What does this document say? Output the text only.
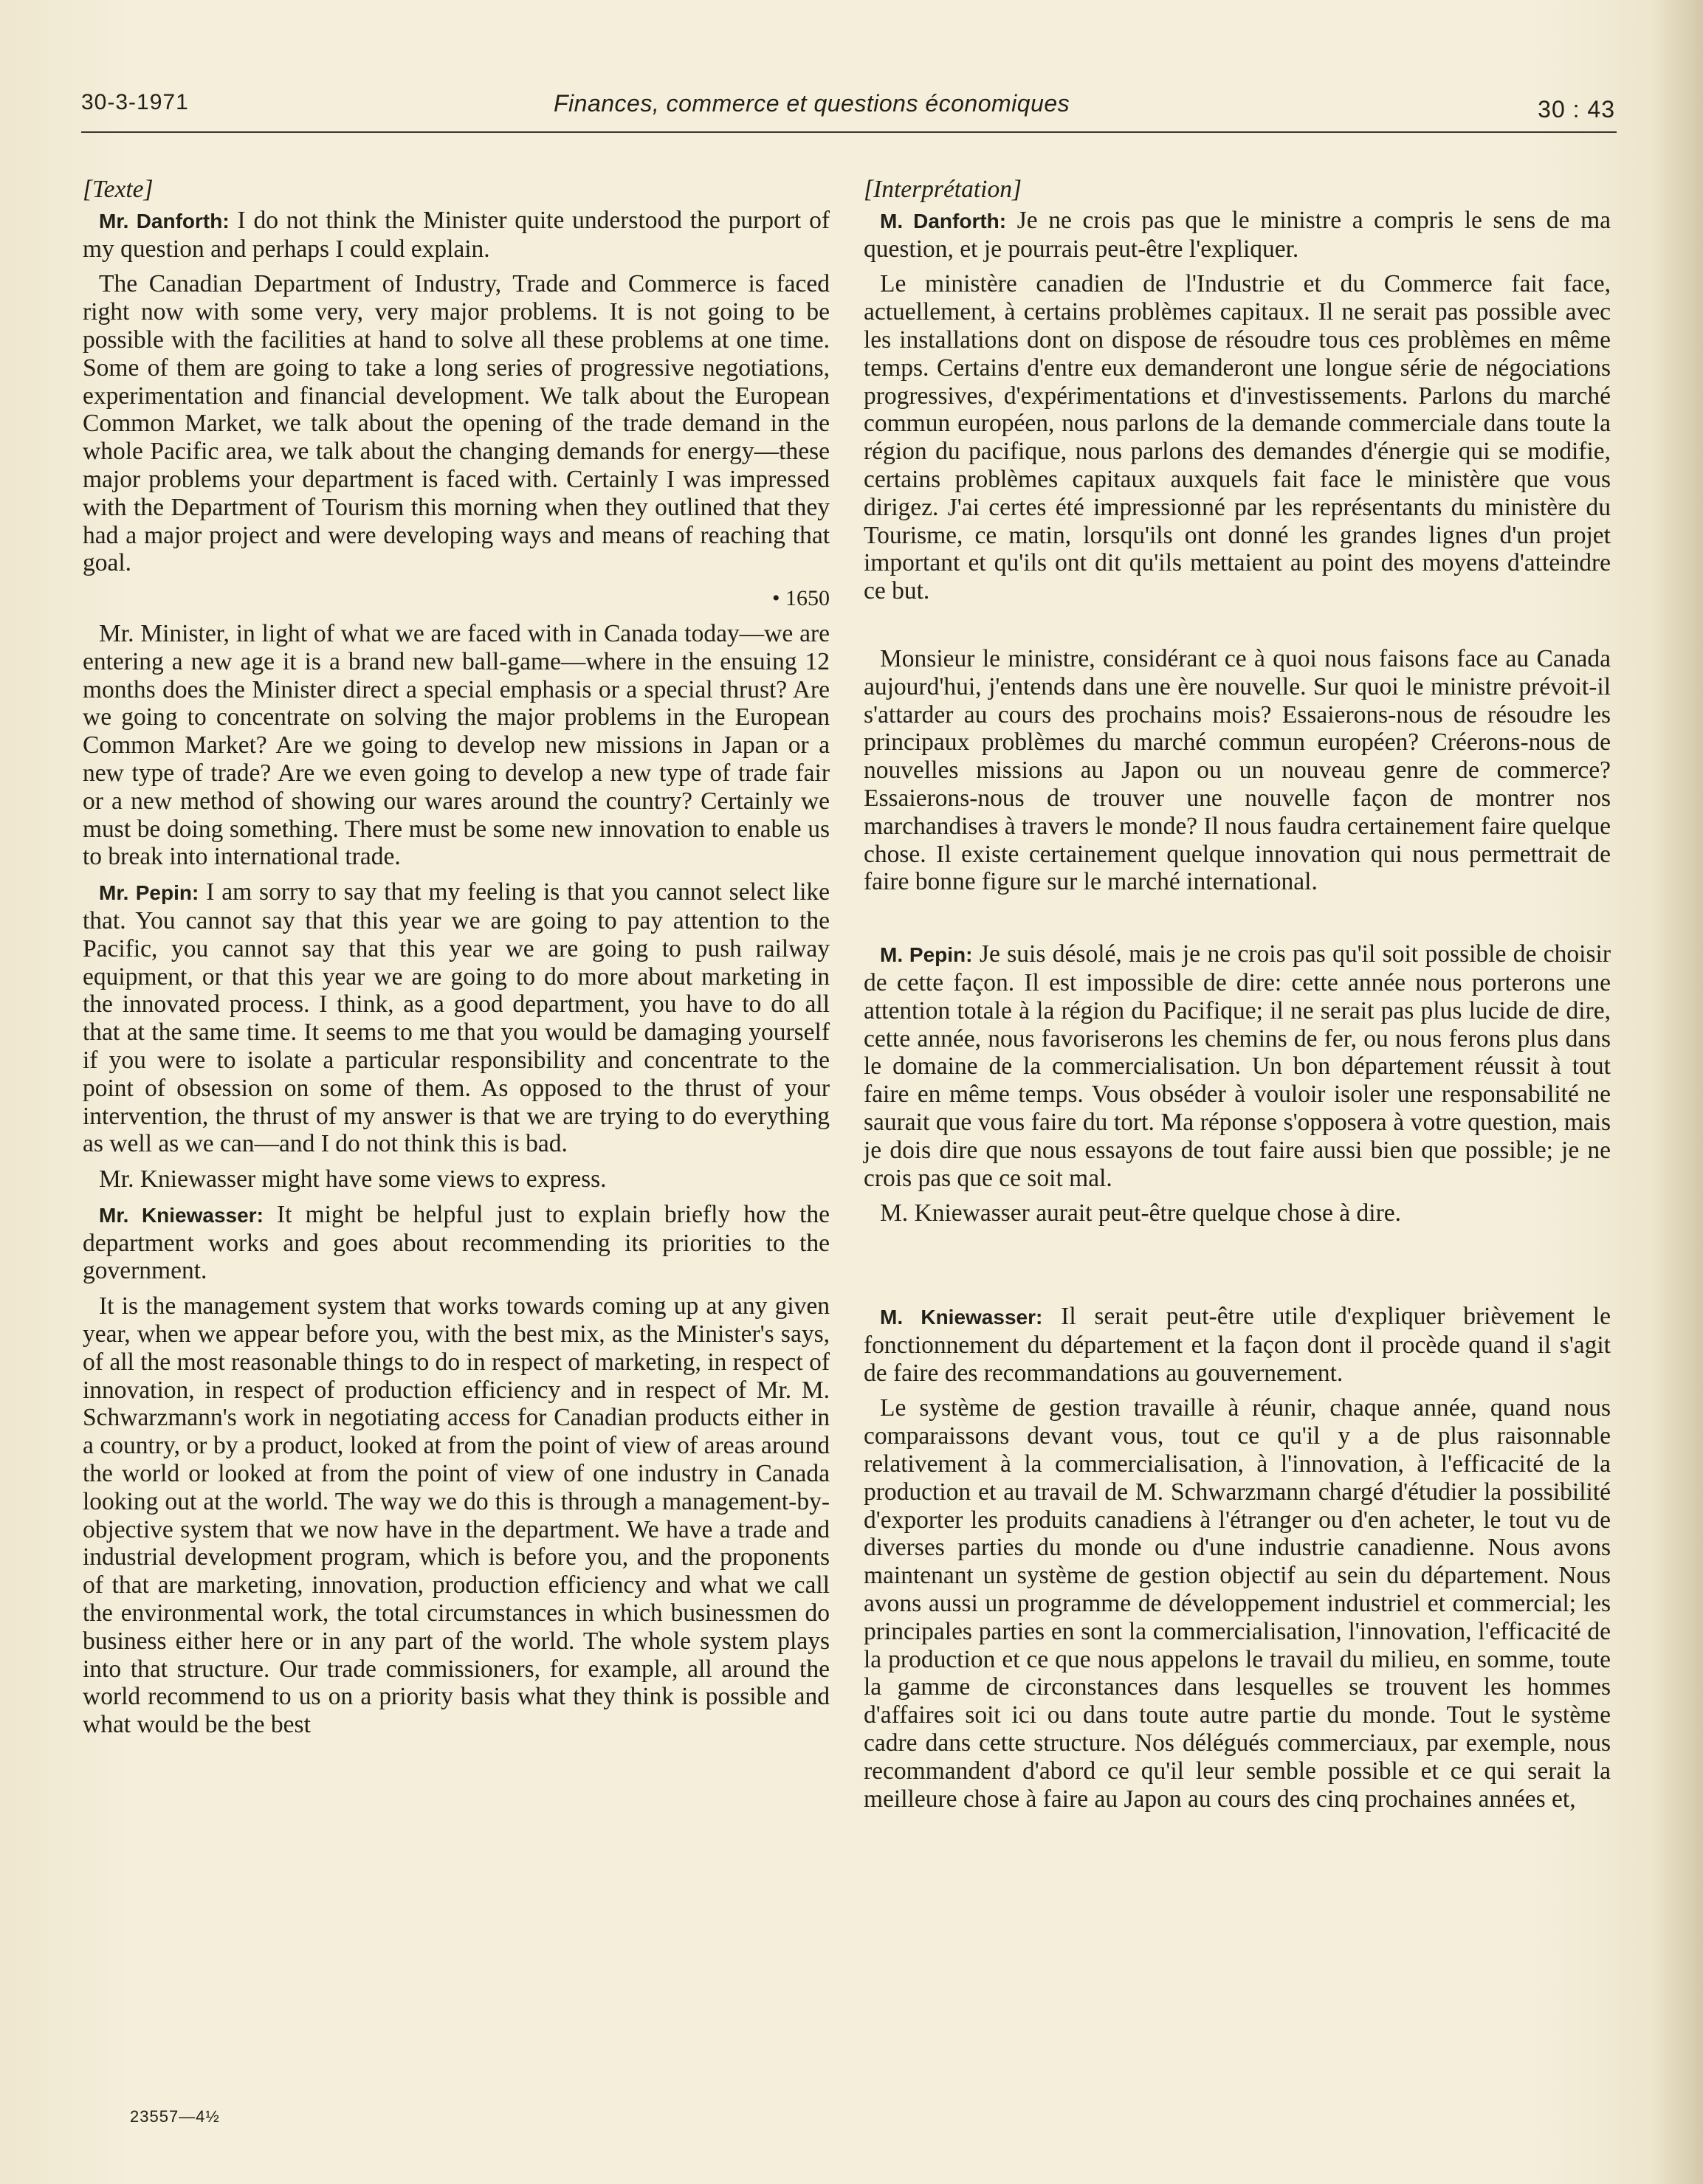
30-3-1971	Finances, commerce et questions économiques	30 : 43

[Texte]

Mr. Danforth: I do not think the Minister quite understood the purport of my question and perhaps I could explain.

The Canadian Department of Industry, Trade and Commerce is faced right now with some very, very major problems. It is not going to be possible with the facilities at hand to solve all these problems at one time. Some of them are going to take a long series of progressive negotiations, experimentation and financial development. We talk about the European Common Market, we talk about the opening of the trade demand in the whole Pacific area, we talk about the changing demands for energy—these major problems your department is faced with. Certainly I was impressed with the Department of Tourism this morning when they outlined that they had a major project and were developing ways and means of reaching that goal.

• 1650

Mr. Minister, in light of what we are faced with in Canada today—we are entering a new age it is a brand new ball-game—where in the ensuing 12 months does the Minister direct a special emphasis or a special thrust? Are we going to concentrate on solving the major problems in the European Common Market? Are we going to develop new missions in Japan or a new type of trade? Are we even going to develop a new type of trade fair or a new method of showing our wares around the country? Certainly we must be doing something. There must be some new innovation to enable us to break into international trade.

Mr. Pepin: I am sorry to say that my feeling is that you cannot select like that. You cannot say that this year we are going to pay attention to the Pacific, you cannot say that this year we are going to push railway equipment, or that this year we are going to do more about marketing in the innovated process. I think, as a good department, you have to do all that at the same time. It seems to me that you would be damaging yourself if you were to isolate a particular responsibility and concentrate to the point of obsession on some of them. As opposed to the thrust of your intervention, the thrust of my answer is that we are trying to do everything as well as we can—and I do not think this is bad.

Mr. Kniewasser might have some views to express.

Mr. Kniewasser: It might be helpful just to explain briefly how the department works and goes about recommending its priorities to the government.

It is the management system that works towards coming up at any given year, when we appear before you, with the best mix, as the Minister's says, of all the most reasonable things to do in respect of marketing, in respect of innovation, in respect of production efficiency and in respect of Mr. M. Schwarzmann's work in negotiating access for Canadian products either in a country, or by a product, looked at from the point of view of areas around the world or looked at from the point of view of one industry in Canada looking out at the world. The way we do this is through a management-by-objective system that we now have in the department. We have a trade and industrial development program, which is before you, and the proponents of that are marketing, innovation, production efficiency and what we call the environmental work, the total circumstances in which businessmen do business either here or in any part of the world. The whole system plays into that structure. Our trade commissioners, for example, all around the world recommend to us on a priority basis what they think is possible and what would be the best

[Interprétation]

M. Danforth: Je ne crois pas que le ministre a compris le sens de ma question, et je pourrais peut-être l'expliquer.

Le ministère canadien de l'Industrie et du Commerce fait face, actuellement, à certains problèmes capitaux. Il ne serait pas possible avec les installations dont on dispose de résoudre tous ces problèmes en même temps. Certains d'entre eux demanderont une longue série de négociations progressives, d'expérimentations et d'investissements. Parlons du marché commun européen, nous parlons de la demande commerciale dans toute la région du pacifique, nous parlons des demandes d'énergie qui se modifie, certains problèmes capitaux auxquels fait face le ministère que vous dirigez. J'ai certes été impressionné par les représentants du ministère du Tourisme, ce matin, lorsqu'ils ont donné les grandes lignes d'un projet important et qu'ils ont dit qu'ils mettaient au point des moyens d'atteindre ce but.

Monsieur le ministre, considérant ce à quoi nous faisons face au Canada aujourd'hui, j'entends dans une ère nouvelle. Sur quoi le ministre prévoit-il s'attarder au cours des prochains mois? Essaierons-nous de résoudre les principaux problèmes du marché commun européen? Créerons-nous de nouvelles missions au Japon ou un nouveau genre de commerce? Essaierons-nous de trouver une nouvelle façon de montrer nos marchandises à travers le monde? Il nous faudra certainement faire quelque chose. Il existe certainement quelque innovation qui nous permettrait de faire bonne figure sur le marché international.

M. Pepin: Je suis désolé, mais je ne crois pas qu'il soit possible de choisir de cette façon. Il est impossible de dire: cette année nous porterons une attention totale à la région du Pacifique; il ne serait pas plus lucide de dire, cette année, nous favoriserons les chemins de fer, ou nous ferons plus dans le domaine de la commercialisation. Un bon département réussit à tout faire en même temps. Vous obséder à vouloir isoler une responsabilité ne saurait que vous faire du tort. Ma réponse s'opposera à votre question, mais je dois dire que nous essayons de tout faire aussi bien que possible; je ne crois pas que ce soit mal.

M. Kniewasser aurait peut-être quelque chose à dire.

M. Kniewasser: Il serait peut-être utile d'expliquer brièvement le fonctionnement du département et la façon dont il procède quand il s'agit de faire des recommandations au gouvernement.

Le système de gestion travaille à réunir, chaque année, quand nous comparaissons devant vous, tout ce qu'il y a de plus raisonnable relativement à la commercialisation, à l'innovation, à l'efficacité de la production et au travail de M. Schwarzmann chargé d'étudier la possibilité d'exporter les produits canadiens à l'étranger ou d'en acheter, le tout vu de diverses parties du monde ou d'une industrie canadienne. Nous avons maintenant un système de gestion objectif au sein du département. Nous avons aussi un programme de développement industriel et commercial; les principales parties en sont la commercialisation, l'innovation, l'efficacité de la production et ce que nous appelons le travail du milieu, en somme, toute la gamme de circonstances dans lesquelles se trouvent les hommes d'affaires soit ici ou dans toute autre partie du monde. Tout le système cadre dans cette structure. Nos délégués commerciaux, par exemple, nous recommandent d'abord ce qu'il leur semble possible et ce qui serait la meilleure chose à faire au Japon au cours des cinq prochaines années et,

23557—4½
